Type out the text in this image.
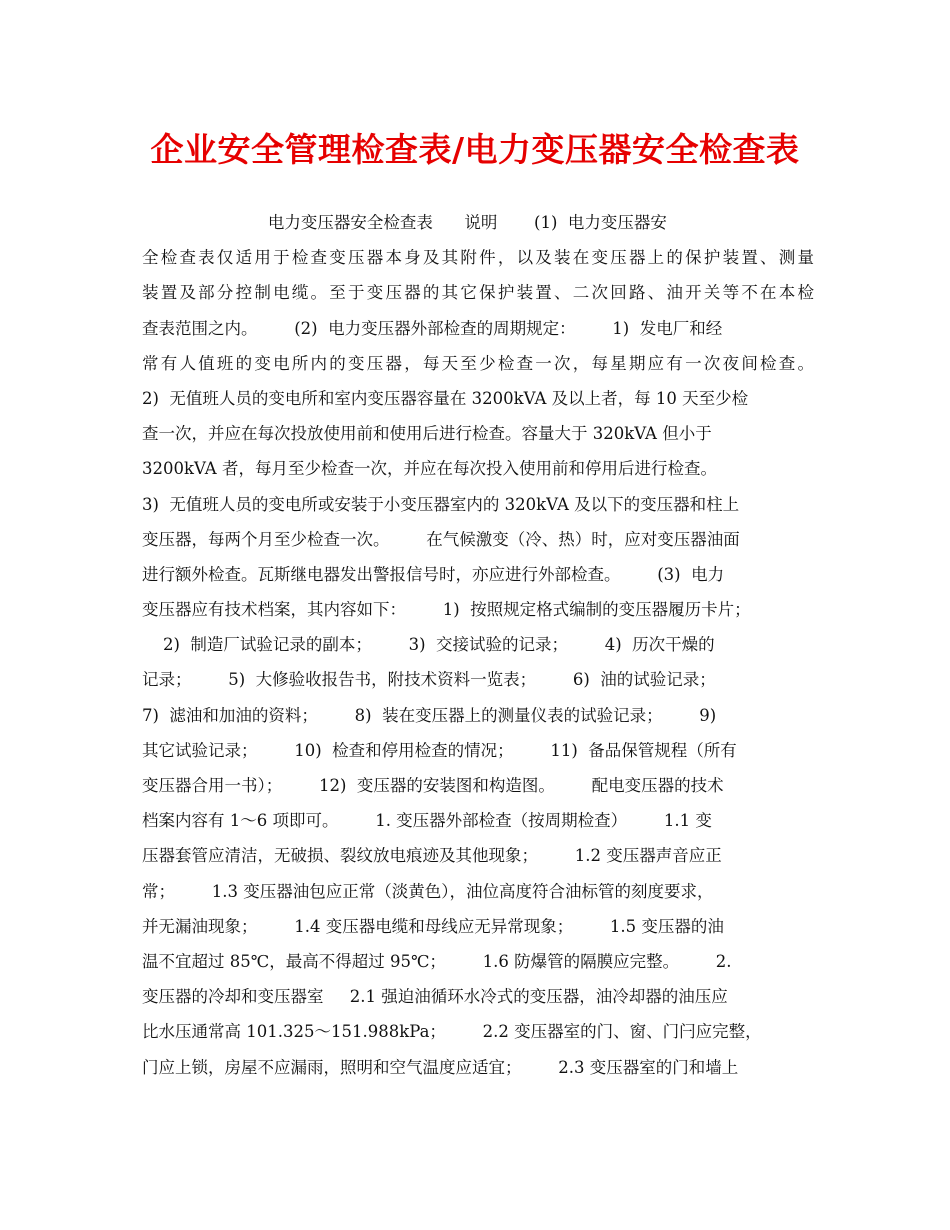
企业安全管理检查表/电力变压器安全检查表
电力变压器安全检查表      说明       (1)  电力变压器安
全检查表仅适用于检查变压器本身及其附件，以及装在变压器上的保护装置、测量
装置及部分控制电缆。至于变压器的其它保护装置、二次回路、油开关等不在本检
查表范围之内。       (2)  电力变压器外部检查的周期规定：       1)  发电厂和经
常有人值班的变电所内的变压器，每天至少检查一次，每星期应有一次夜间检查。
2)  无值班人员的变电所和室内变压器容量在 3200kVA 及以上者，每 10 天至少检
查一次，并应在每次投放使用前和使用后进行检查。容量大于 320kVA 但小于
3200kVA 者，每月至少检查一次，并应在每次投入使用前和停用后进行检查。
3)  无值班人员的变电所或安装于小变压器室内的 320kVA 及以下的变压器和柱上
变压器，每两个月至少检查一次。       在气候激变（冷、热）时，应对变压器油面
进行额外检查。瓦斯继电器发出警报信号时，亦应进行外部检查。       (3)  电力
变压器应有技术档案，其内容如下：       1)  按照规定格式编制的变压器履历卡片；
2)  制造厂试验记录的副本；       3)  交接试验的记录；       4)  历次干燥的
记录；       5)  大修验收报告书，附技术资料一览表；       6)  油的试验记录；
7)  滤油和加油的资料；       8)  装在变压器上的测量仪表的试验记录；       9)
其它试验记录；       10)  检查和停用检查的情况；       11)  备品保管规程（所有
变压器合用一书）；       12)  变压器的安装图和构造图。       配电变压器的技术
档案内容有 1～6 项即可。       1. 变压器外部检查（按周期检查）       1.1 变
压器套管应清洁，无破损、裂纹放电痕迹及其他现象；       1.2 变压器声音应正
常；       1.3 变压器油包应正常（淡黄色），油位高度符合油标管的刻度要求，
并无漏油现象；       1.4 变压器电缆和母线应无异常现象；       1.5 变压器的油
温不宜超过 85℃，最高不得超过 95℃；       1.6 防爆管的隔膜应完整。       2.
变压器的冷却和变压器室     2.1 强迫油循环水冷式的变压器，油冷却器的油压应
比水压通常高 101.325～151.988kPa；       2.2 变压器室的门、窗、门闩应完整，
门应上锁，房屋不应漏雨，照明和空气温度应适宜；       2.3 变压器室的门和墙上
